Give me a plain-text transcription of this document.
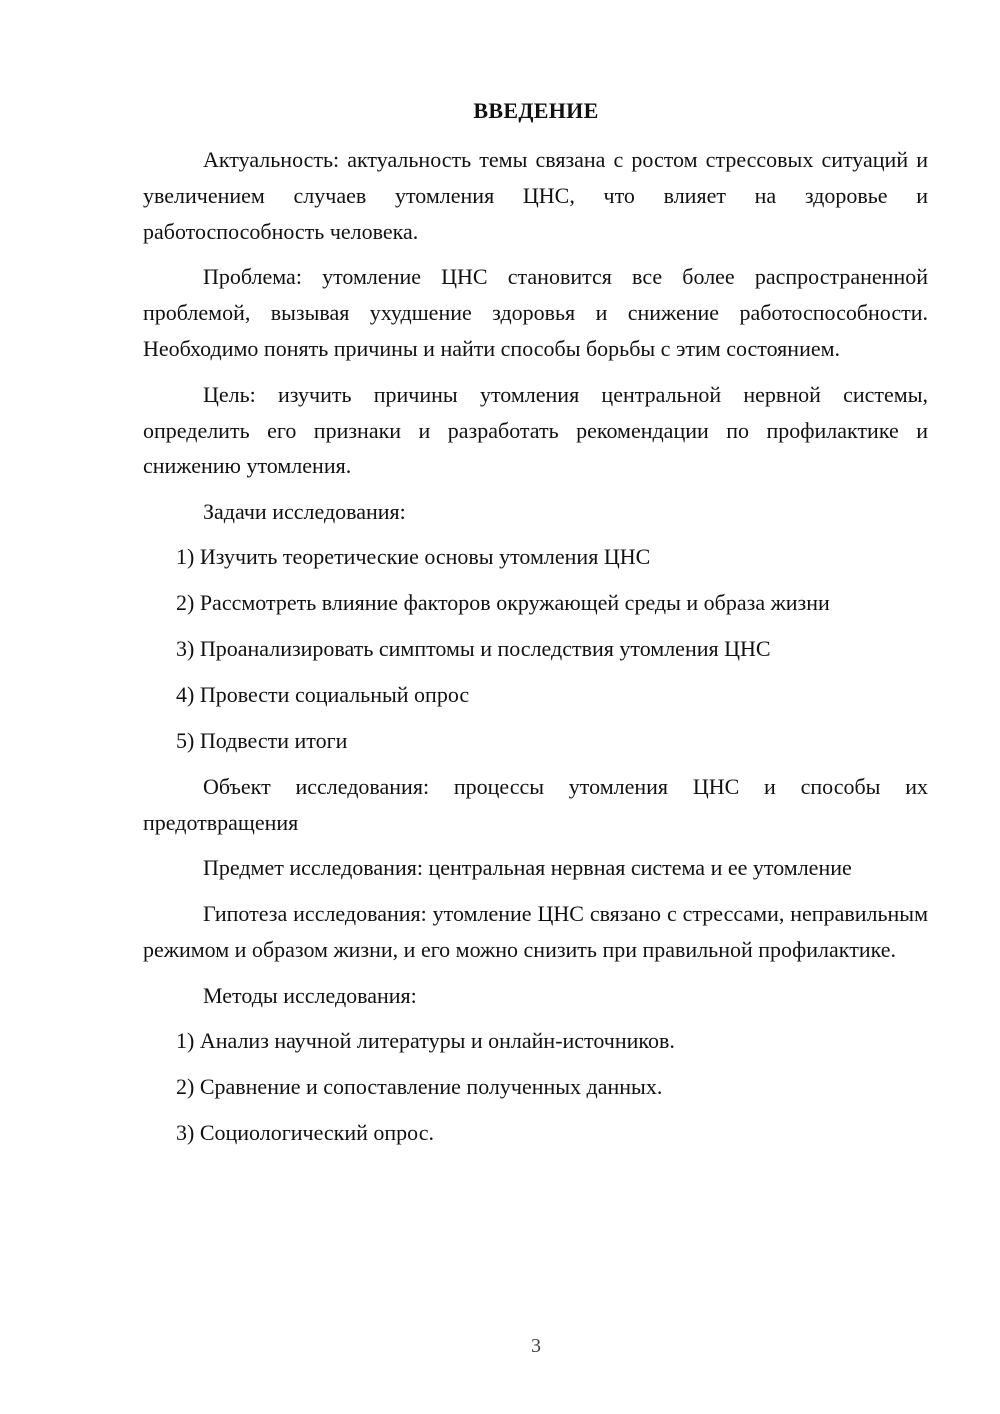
ВВЕДЕНИЕ

Актуальность: актуальность темы связана с ростом стрессовых ситуаций и увеличением случаев утомления ЦНС, что влияет на здоровье и работоспособность человека.

Проблема: утомление ЦНС становится все более распространенной проблемой, вызывая ухудшение здоровья и снижение работоспособности. Необходимо понять причины и найти способы борьбы с этим состоянием.

Цель: изучить причины утомления центральной нервной системы, определить его признаки и разработать рекомендации по профилактике и снижению утомления.

Задачи исследования:

1) Изучить теоретические основы утомления ЦНС

2) Рассмотреть влияние факторов окружающей среды и образа жизни

3) Проанализировать симптомы и последствия утомления ЦНС

4) Провести социальный опрос

5) Подвести итоги

Объект исследования: процессы утомления ЦНС и способы их предотвращения

Предмет исследования: центральная нервная система и ее утомление

Гипотеза исследования: утомление ЦНС связано с стрессами, неправильным режимом и образом жизни, и его можно снизить при правильной профилактике.

Методы исследования:

1) Анализ научной литературы и онлайн-источников.

2) Сравнение и сопоставление полученных данных.

3) Социологический опрос.

3
